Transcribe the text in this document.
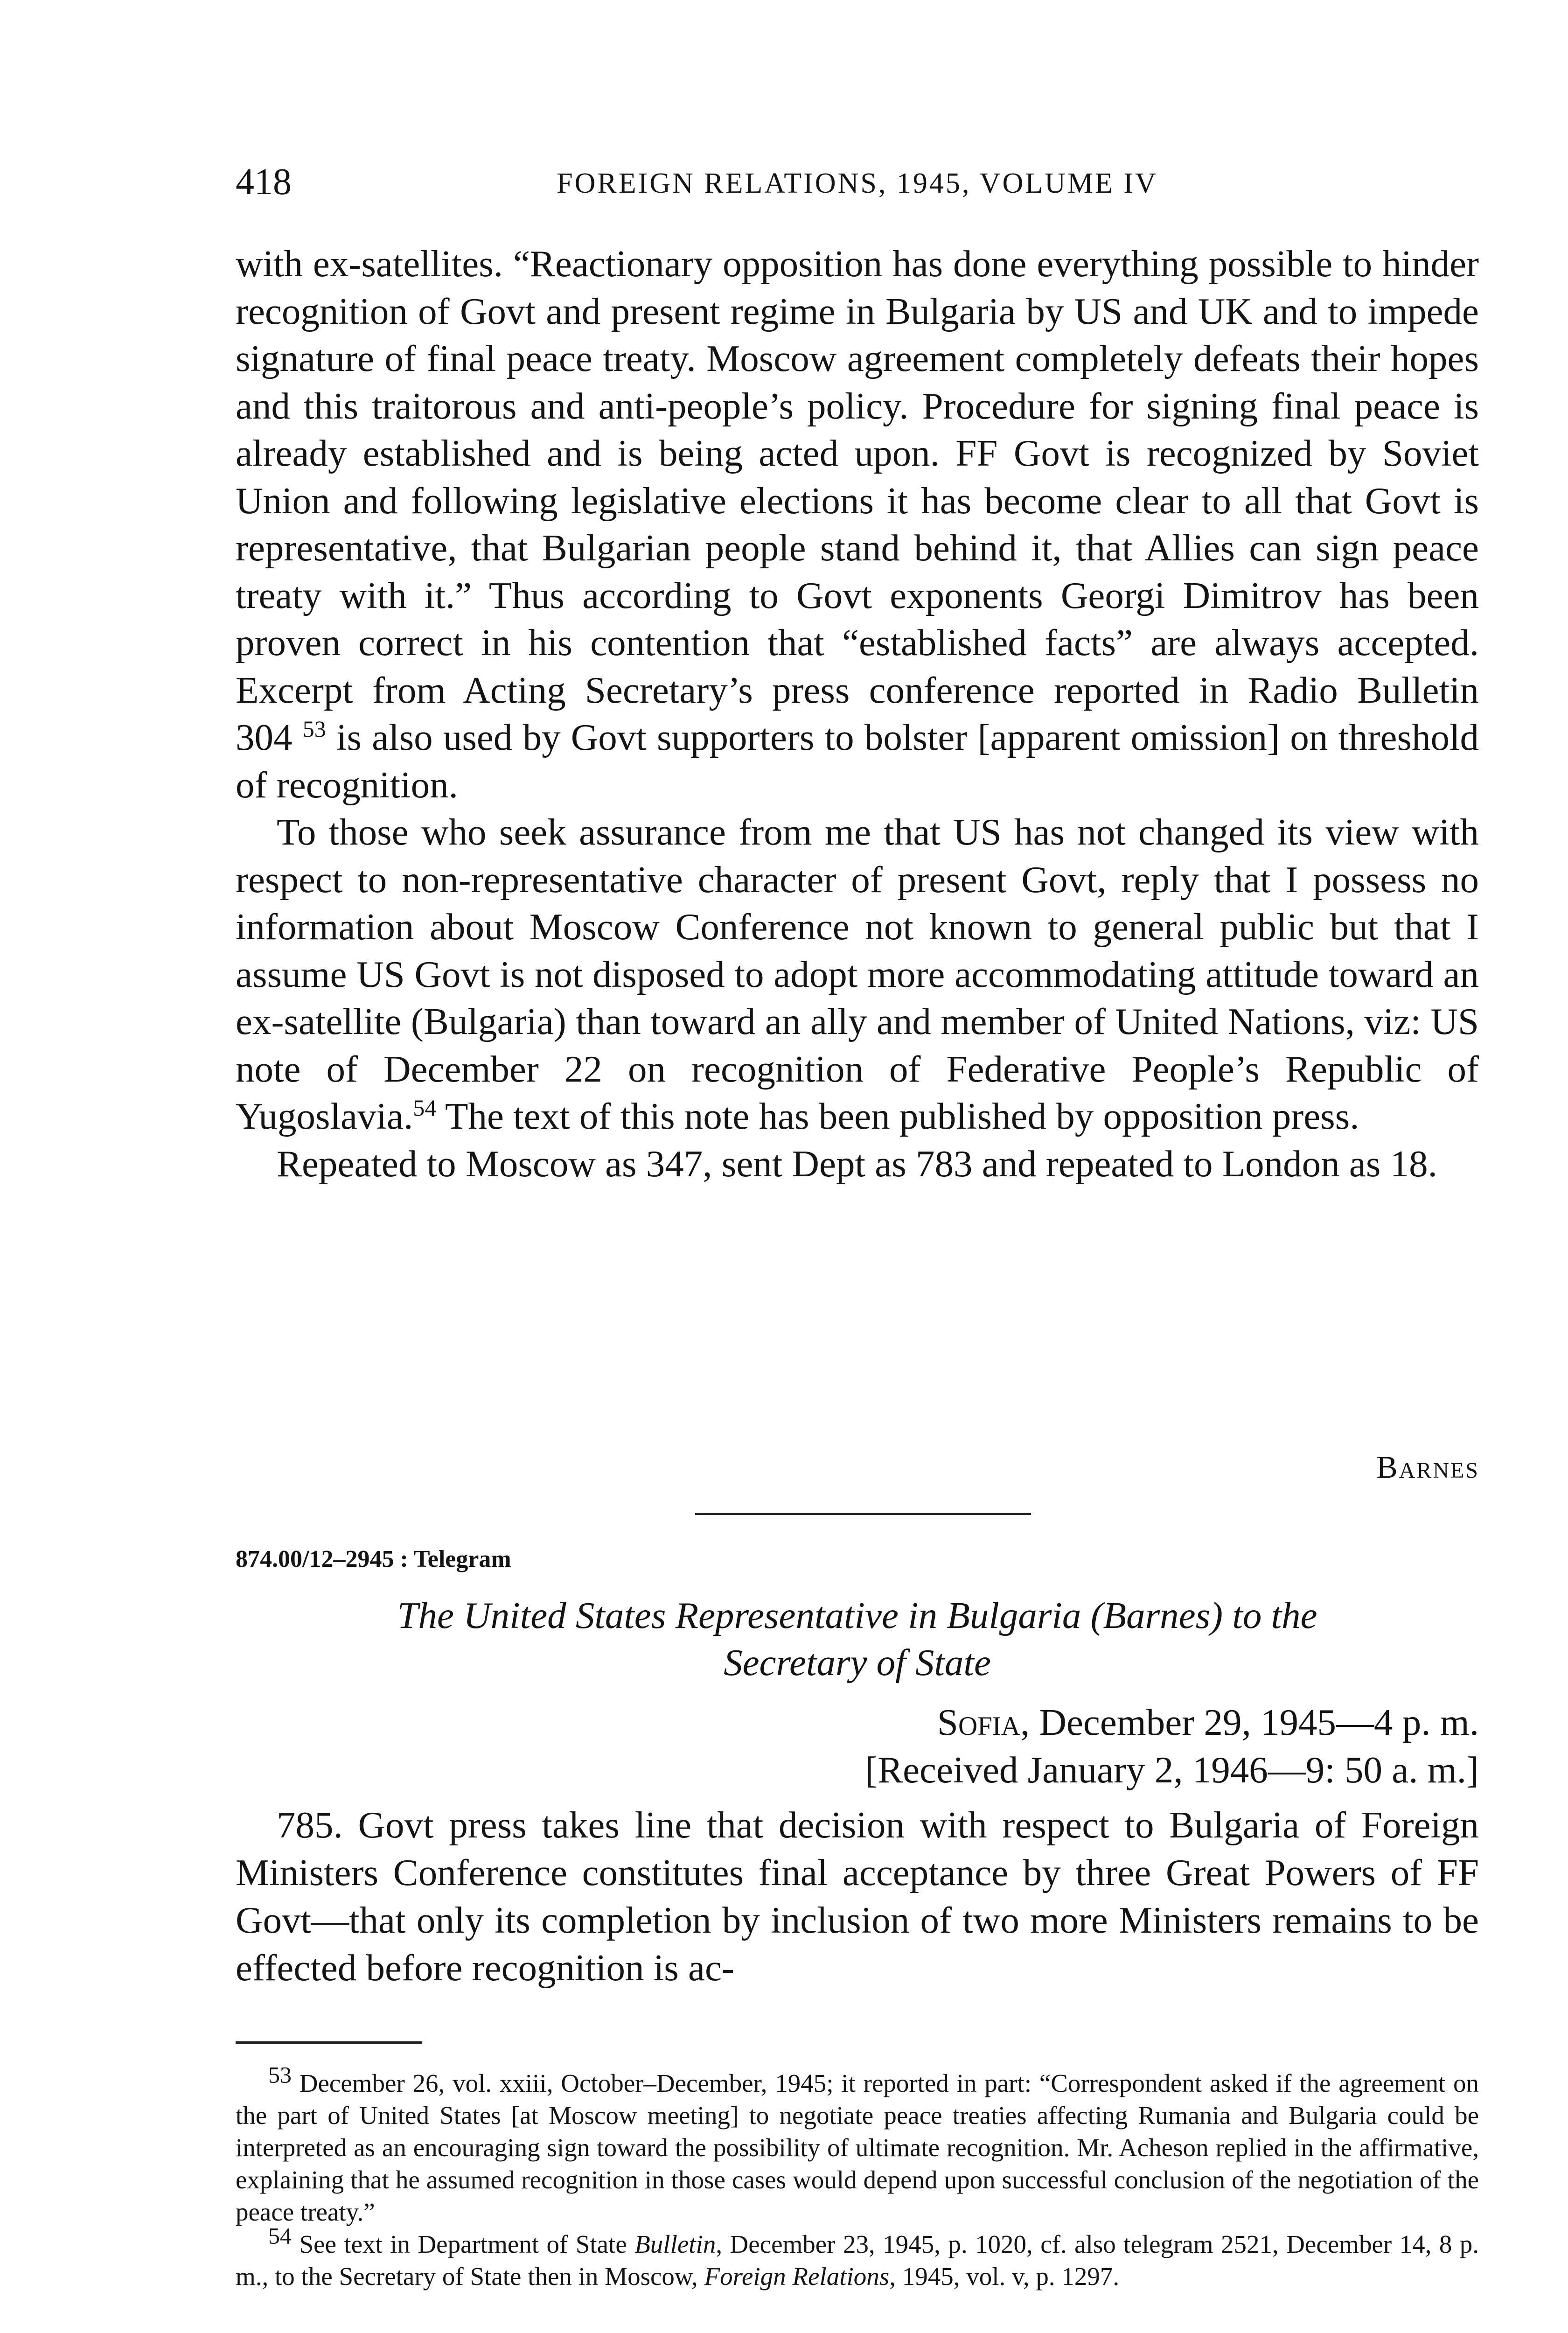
418	FOREIGN RELATIONS, 1945, VOLUME IV

with ex-satellites. “Reactionary opposition has done everything possible to hinder recognition of Govt and present regime in Bulgaria by US and UK and to impede signature of final peace treaty. Moscow agreement completely defeats their hopes and this traitorous and anti-people’s policy. Procedure for signing final peace is already established and is being acted upon. FF Govt is recognized by Soviet Union and following legislative elections it has become clear to all that Govt is representative, that Bulgarian people stand behind it, that Allies can sign peace treaty with it.” Thus according to Govt exponents Georgi Dimitrov has been proven correct in his contention that “established facts” are always accepted. Excerpt from Acting Secretary’s press conference reported in Radio Bulletin 304 $^{53}$ is also used by Govt supporters to bolster [apparent omission] on threshold of recognition.

To those who seek assurance from me that US has not changed its view with respect to non-representative character of present Govt, reply that I possess no information about Moscow Conference not known to general public but that I assume US Govt is not disposed to adopt more accommodating attitude toward an ex-satellite (Bulgaria) than toward an ally and member of United Nations, viz: US note of December 22 on recognition of Federative People’s Republic of Yugoslavia.$^{54}$ The text of this note has been published by opposition press.

Repeated to Moscow as 347, sent Dept as 783 and repeated to London as 18.

Barnes
874.00/12–2945 : Telegram
The United States Representative in Bulgaria (Barnes) to the
Secretary of State
Sofia, December 29, 1945—4 p. m.
[Received January 2, 1946—9: 50 a. m.]

785. Govt press takes line that decision with respect to Bulgaria of Foreign Ministers Conference constitutes final acceptance by three Great Powers of FF Govt—that only its completion by inclusion of two more Ministers remains to be effected before recognition is ac-

53 December 26, vol. xxiii, October–December, 1945; it reported in part: “Correspondent asked if the agreement on the part of United States [at Moscow meeting] to negotiate peace treaties affecting Rumania and Bulgaria could be interpreted as an encouraging sign toward the possibility of ultimate recognition. Mr. Acheson replied in the affirmative, explaining that he assumed recognition in those cases would depend upon successful conclusion of the negotiation of the peace treaty.”

54 See text in Department of State Bulletin, December 23, 1945, p. 1020, cf. also telegram 2521, December 14, 8 p. m., to the Secretary of State then in Moscow, Foreign Relations, 1945, vol. v, p. 1297.
